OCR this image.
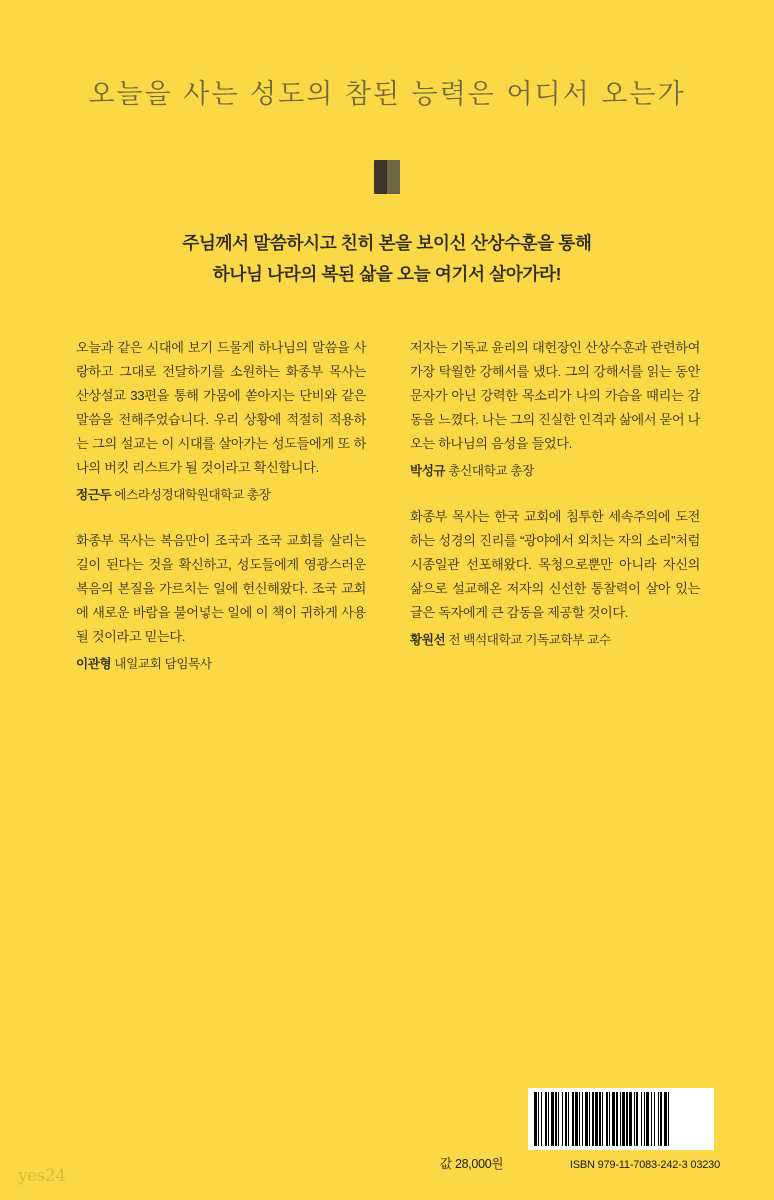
오늘을 사는 성도의 참된 능력은 어디서 오는가
주님께서 말씀하시고 친히 본을 보이신 산상수훈을 통해
하나님 나라의 복된 삶을 오늘 여기서 살아가라!
오늘과 같은 시대에 보기 드물게 하나님의 말씀을 사랑하고 그대로 전달하기를 소원하는 화종부 목사는 산상설교 33편을 통해 가뭄에 쏟아지는 단비와 같은 말씀을 전해주었습니다. 우리 상황에 적절히 적용하는 그의 설교는 이 시대를 살아가는 성도들에게 또 하나의 버킷 리스트가 될 것이라고 확신합니다.
정근두 에스라성경대학원대학교 총장
화종부 목사는 복음만이 조국과 조국 교회를 살리는 길이 된다는 것을 확신하고, 성도들에게 영광스러운 복음의 본질을 가르치는 일에 헌신해왔다. 조국 교회에 새로운 바람을 불어넣는 일에 이 책이 귀하게 사용될 것이라고 믿는다.
이관형 내일교회 담임목사
저자는 기독교 윤리의 대헌장인 산상수훈과 관련하여 가장 탁월한 강해서를 냈다. 그의 강해서를 읽는 동안 문자가 아닌 강력한 목소리가 나의 가슴을 때리는 감동을 느꼈다. 나는 그의 진실한 인격과 삶에서 묻어 나오는 하나님의 음성을 들었다.
박성규 총신대학교 총장
화종부 목사는 한국 교회에 침투한 세속주의에 도전하는 성경의 진리를 “광야에서 외치는 자의 소리”처럼 시종일관 선포해왔다. 목청으로뿐만 아니라 자신의 삶으로 설교해온 저자의 신선한 통찰력이 살아 있는 글은 독자에게 큰 감동을 제공할 것이다.
황원선 전 백석대학교 기독교학부 교수
값 28,000원	ISBN 979-11-7083-242-3 03230
yes24
